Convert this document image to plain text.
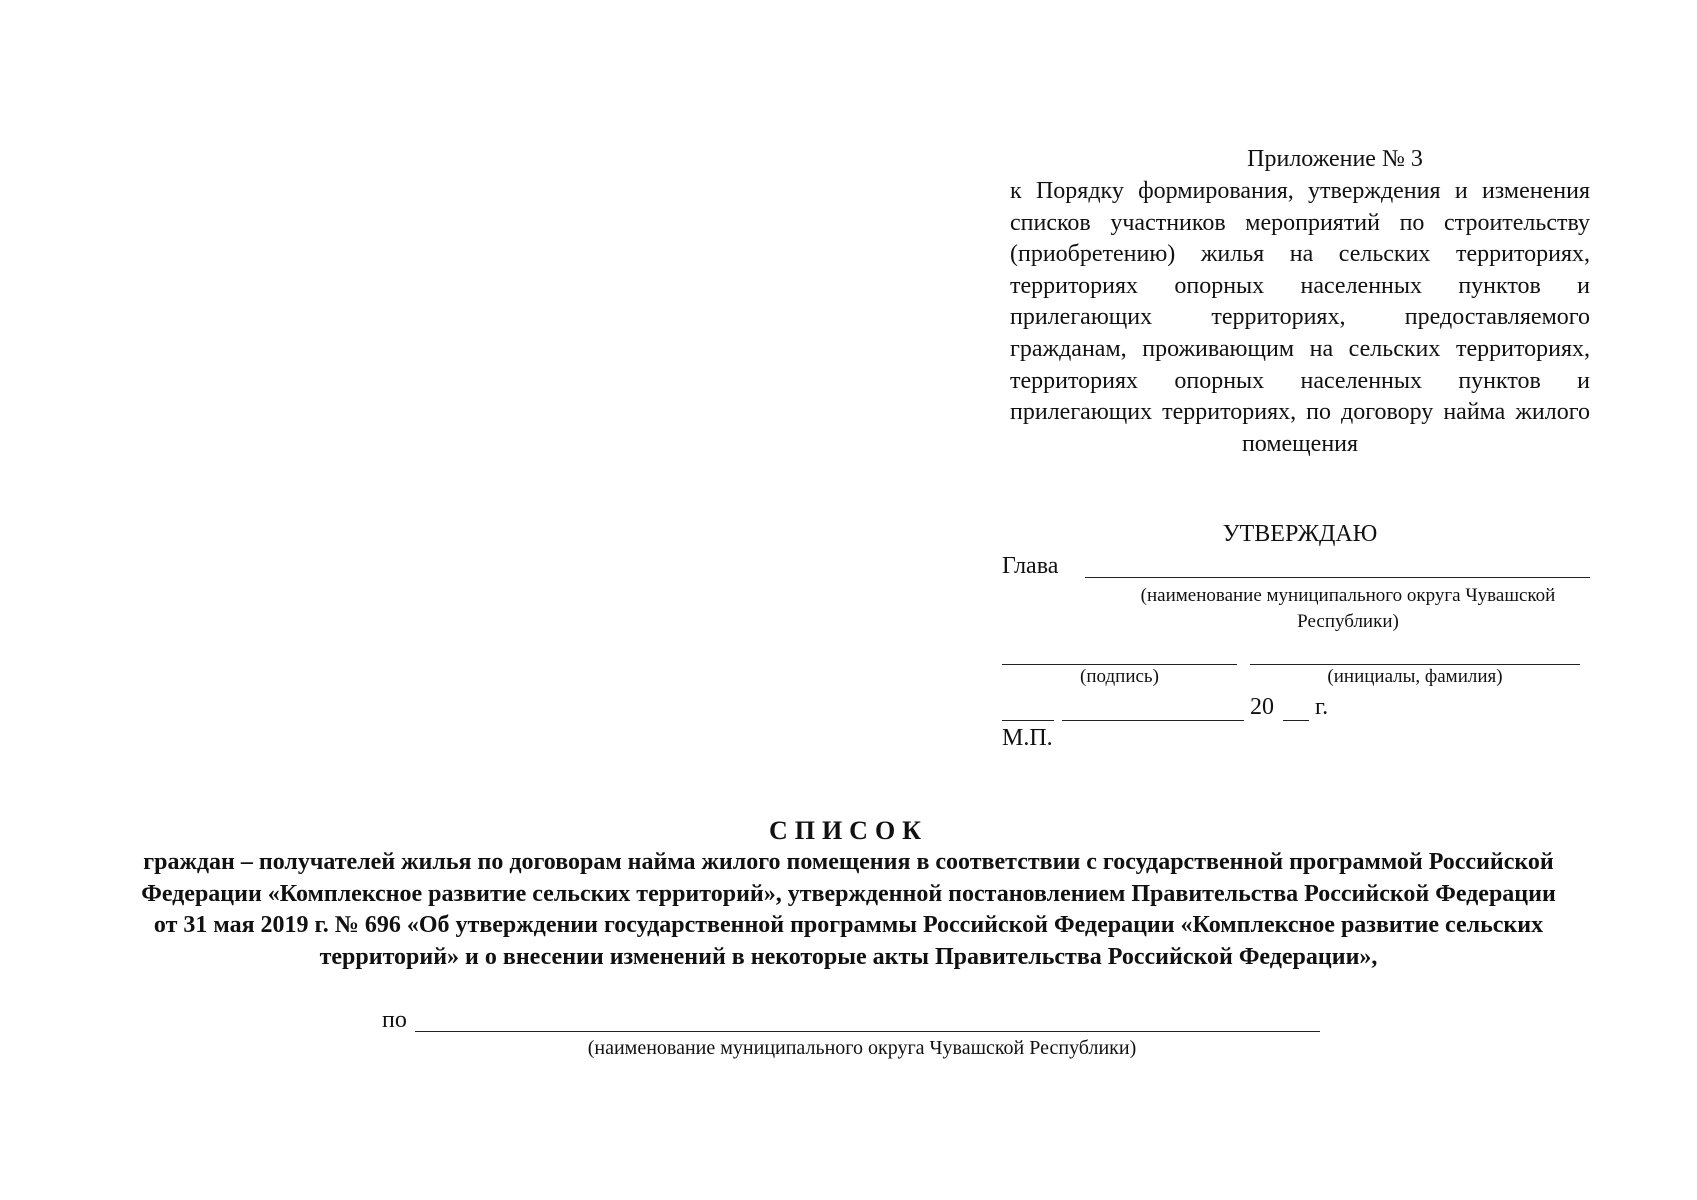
Приложение № 3
к Порядку формирования, утверждения и изменения списков участников мероприятий по строительству (приобретению) жилья на сельских территориях, территориях опорных населенных пунктов и прилегающих территориях, предоставляемого гражданам, проживающим на сельских территориях, территориях опорных населенных пунктов и прилегающих территориях, по договору найма жилого помещения
УТВЕРЖДАЮ
Глава
(наименование муниципального округа Чувашской Республики)
(подпись)	(инициалы, фамилия)
20 г.
М.П.
СПИСОК
граждан – получателей жилья по договорам найма жилого помещения в соответствии с государственной программой Российской Федерации «Комплексное развитие сельских территорий», утвержденной постановлением Правительства Российской Федерации от 31 мая 2019 г. № 696 «Об утверждении государственной программы Российской Федерации «Комплексное развитие сельских территорий» и о внесении изменений в некоторые акты Правительства Российской Федерации»,
по
(наименование муниципального округа Чувашской Республики)
